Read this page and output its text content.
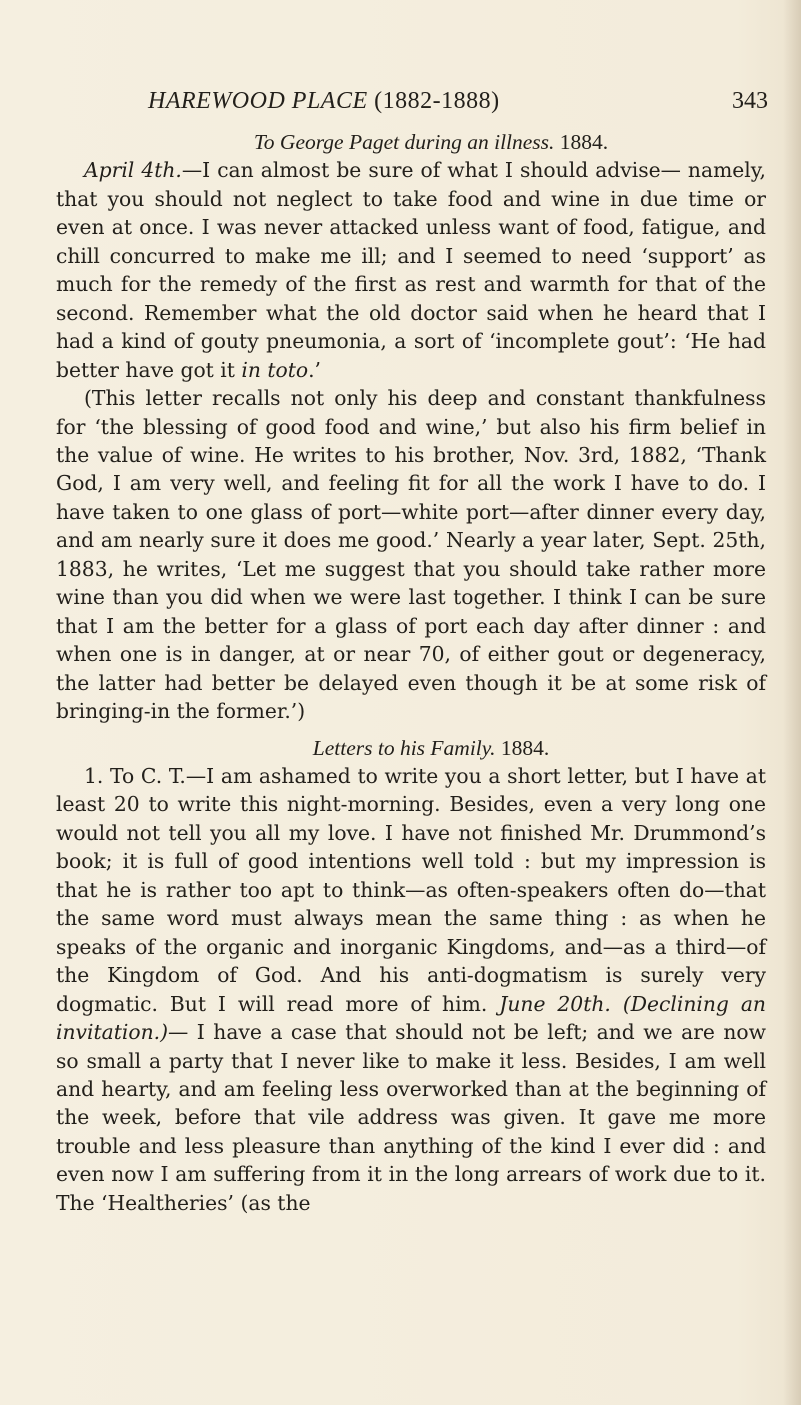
HAREWOOD PLACE (1882-1888)	343

To George Paget during an illness. 1884.

April 4th.—I can almost be sure of what I should advise— namely, that you should not neglect to take food and wine in due time or even at once. I was never attacked unless want of food, fatigue, and chill concurred to make me ill; and I seemed to need ‘support’ as much for the remedy of the first as rest and warmth for that of the second. Remember what the old doctor said when he heard that I had a kind of gouty pneumonia, a sort of ‘incomplete gout’: ‘He had better have got it in toto.’

(This letter recalls not only his deep and constant thankfulness for ‘the blessing of good food and wine,’ but also his firm belief in the value of wine. He writes to his brother, Nov. 3rd, 1882, ‘Thank God, I am very well, and feeling fit for all the work I have to do. I have taken to one glass of port—white port—after dinner every day, and am nearly sure it does me good.’ Nearly a year later, Sept. 25th, 1883, he writes, ‘Let me suggest that you should take rather more wine than you did when we were last together. I think I can be sure that I am the better for a glass of port each day after dinner : and when one is in danger, at or near 70, of either gout or degeneracy, the latter had better be delayed even though it be at some risk of bringing-in the former.’)

Letters to his Family. 1884.

1. To C. T.—I am ashamed to write you a short letter, but I have at least 20 to write this night-morning. Besides, even a very long one would not tell you all my love. I have not finished Mr. Drummond’s book; it is full of good intentions well told : but my impression is that he is rather too apt to think—as often-speakers often do—that the same word must always mean the same thing : as when he speaks of the organic and inorganic Kingdoms, and—as a third—of the Kingdom of God. And his anti-dogmatism is surely very dogmatic. But I will read more of him. June 20th. (Declining an invitation.)— I have a case that should not be left; and we are now so small a party that I never like to make it less. Besides, I am well and hearty, and am feeling less overworked than at the beginning of the week, before that vile address was given. It gave me more trouble and less pleasure than anything of the kind I ever did : and even now I am suffering from it in the long arrears of work due to it. The ‘Healtheries’ (as the
